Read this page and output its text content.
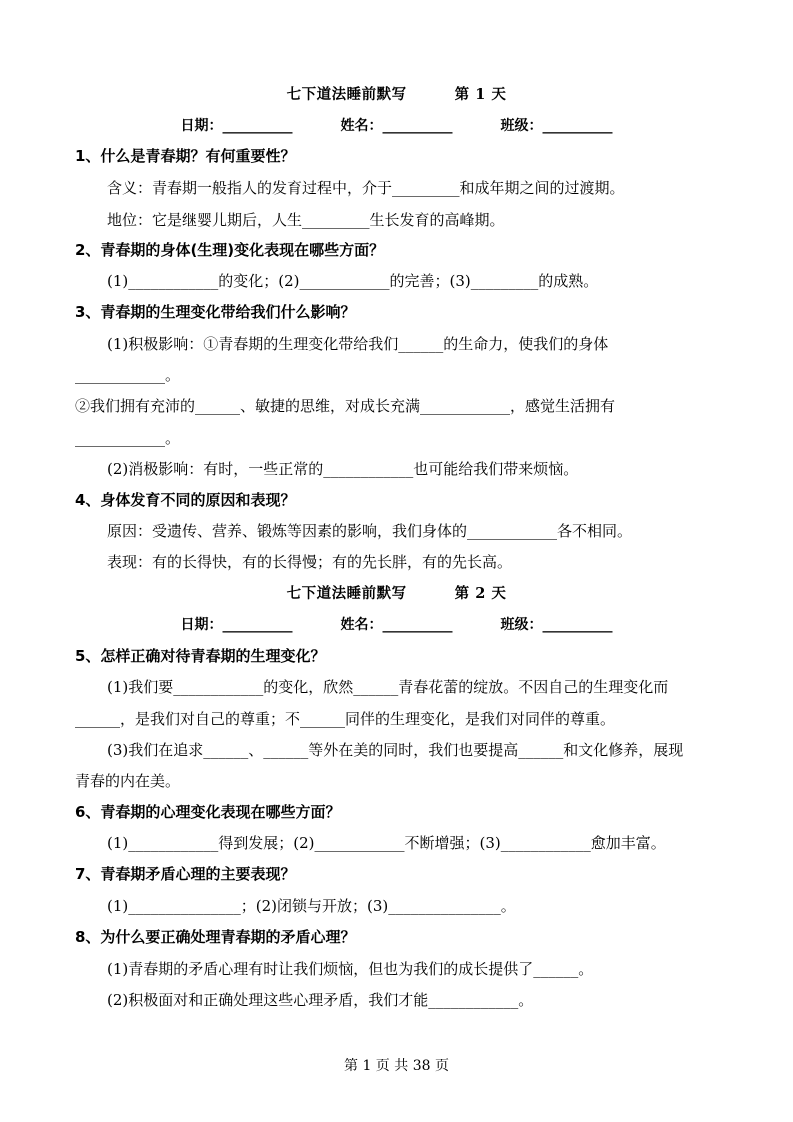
七下道法睡前默写	第 1 天
日期：__________	姓名：__________	班级：__________
1、什么是青春期？有何重要性？
含义：青春期一般指人的发育过程中，介于_________和成年期之间的过渡期。
地位：它是继婴儿期后，人生_________生长发育的高峰期。
2、青春期的身体(生理)变化表现在哪些方面？
(1)____________的变化；(2)____________的完善；(3)_________的成熟。
3、青春期的生理变化带给我们什么影响？
(1)积极影响：①青春期的生理变化带给我们______的生命力，使我们的身体
____________。
②我们拥有充沛的______、敏捷的思维，对成长充满____________，感觉生活拥有
____________。
(2)消极影响：有时，一些正常的____________也可能给我们带来烦恼。
4、身体发育不同的原因和表现？
原因：受遗传、营养、锻炼等因素的影响，我们身体的____________各不相同。
表现：有的长得快，有的长得慢；有的先长胖，有的先长高。
七下道法睡前默写	第 2 天
日期：__________	姓名：__________	班级：__________
5、怎样正确对待青春期的生理变化？
(1)我们要____________的变化，欣然______青春花蕾的绽放。不因自己的生理变化而
______，是我们对自己的尊重；不______同伴的生理变化，是我们对同伴的尊重。
(3)我们在追求______、______等外在美的同时，我们也要提高______和文化修养，展现
青春的内在美。
6、青春期的心理变化表现在哪些方面？
(1)____________得到发展；(2)____________不断增强；(3)____________愈加丰富。
7、青春期矛盾心理的主要表现？
(1)_______________；(2)闭锁与开放；(3)_______________。
8、为什么要正确处理青春期的矛盾心理？
(1)青春期的矛盾心理有时让我们烦恼，但也为我们的成长提供了______。
(2)积极面对和正确处理这些心理矛盾，我们才能____________。
第 1 页 共 38 页
